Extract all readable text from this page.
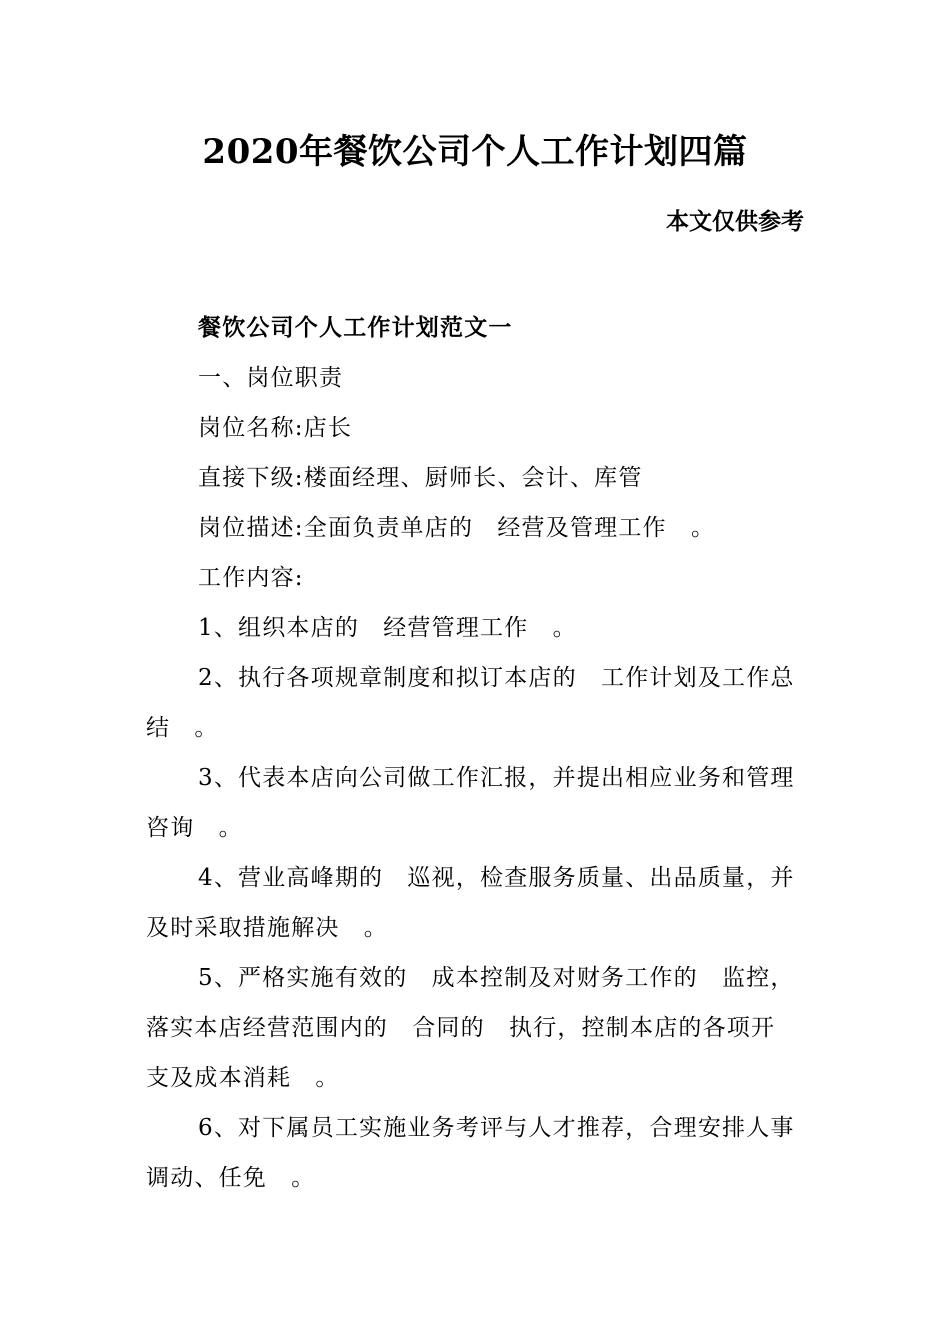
2020年餐饮公司个人工作计划四篇
本文仅供参考

餐饮公司个人工作计划范文一

一、岗位职责

岗位名称:店长

直接下级:楼面经理、厨师长、会计、库管

岗位描述:全面负责单店的　经营及管理工作　。

工作内容:

1、组织本店的　经营管理工作　。

2、执行各项规章制度和拟订本店的　工作计划及工作总结　。

3、代表本店向公司做工作汇报，并提出相应业务和管理咨询　。

4、营业高峰期的　巡视，检查服务质量、出品质量，并及时采取措施解决　。

5、严格实施有效的　成本控制及对财务工作的　监控，落实本店经营范围内的　合同的　执行，控制本店的各项开支及成本消耗　。

6、对下属员工实施业务考评与人才推荐，合理安排人事调动、任免　。
